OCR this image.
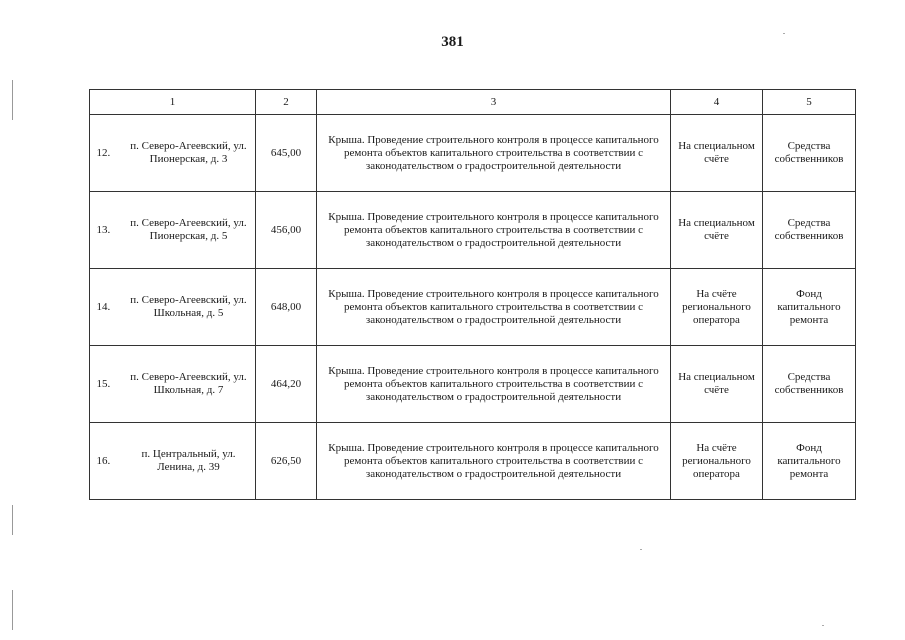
381
1	2	3	4	5
12.п. Северо-Агеевский, ул. Пионерская, д. 3	645,00	Крыша. Проведение строительного контроля в процессе капитального ремонта объектов капитального строительства в соответствии с законодательством о градостроительной деятельности	На специальном счёте	Средства собственников
13.п. Северо-Агеевский, ул. Пионерская, д. 5	456,00	Крыша. Проведение строительного контроля в процессе капитального ремонта объектов капитального строительства в соответствии с законодательством о градостроительной деятельности	На специальном счёте	Средства собственников
14.п. Северо-Агеевский, ул. Школьная, д. 5	648,00	Крыша. Проведение строительного контроля в процессе капитального ремонта объектов капитального строительства в соответствии с законодательством о градостроительной деятельности	На счёте регионального оператора	Фонд капитального ремонта
15.п. Северо-Агеевский, ул. Школьная, д. 7	464,20	Крыша. Проведение строительного контроля в процессе капитального ремонта объектов капитального строительства в соответствии с законодательством о градостроительной деятельности	На специальном счёте	Средства собственников
16.п. Центральный, ул. Ленина, д. 39	626,50	Крыша. Проведение строительного контроля в процессе капитального ремонта объектов капитального строительства в соответствии с законодательством о градостроительной деятельности	На счёте регионального оператора	Фонд капитального ремонта
